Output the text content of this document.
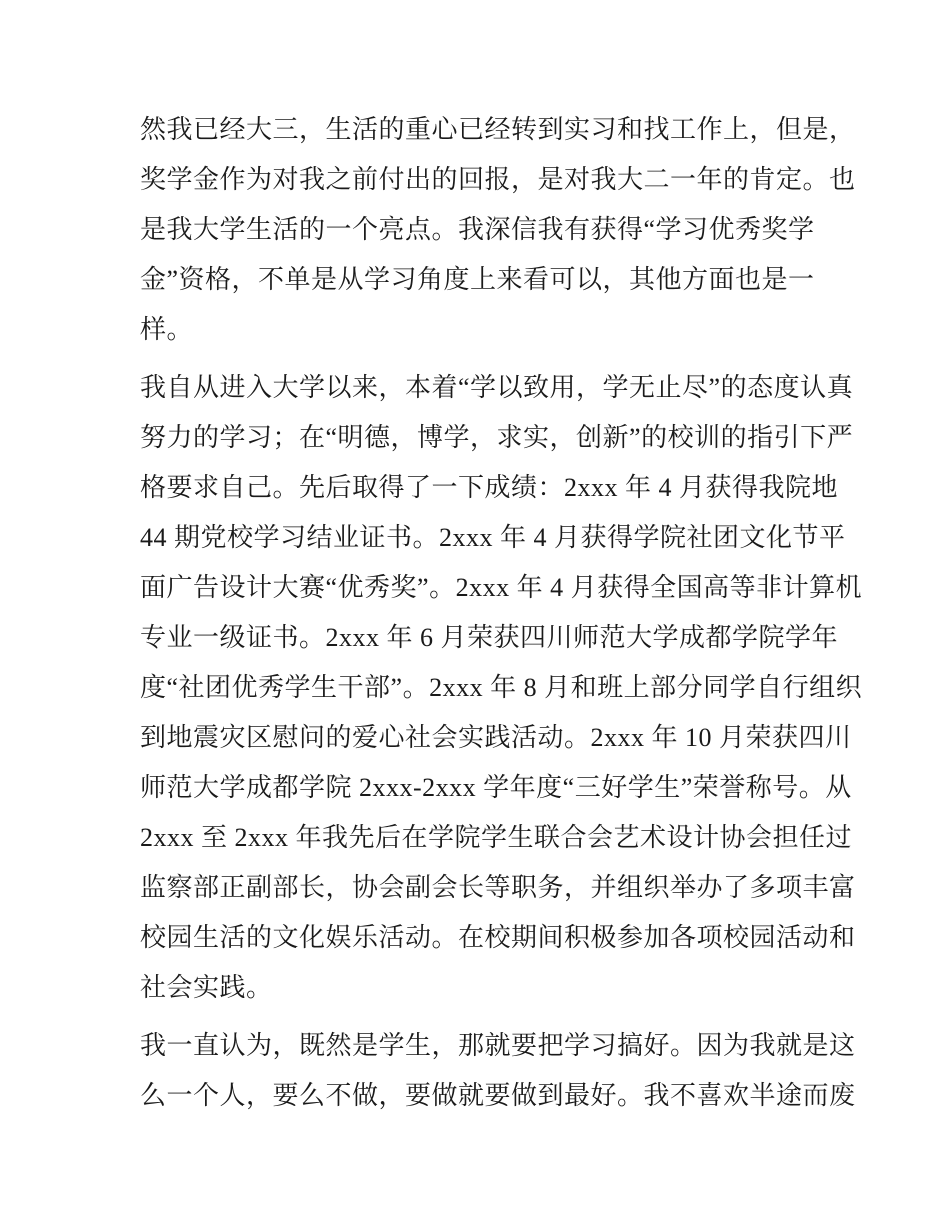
然我已经大三，生活的重心已经转到实习和找工作上，但是，
奖学金作为对我之前付出的回报，是对我大二一年的肯定。也
是我大学生活的一个亮点。我深信我有获得“学习优秀奖学
金”资格，不单是从学习角度上来看可以，其他方面也是一
样。
我自从进入大学以来，本着“学以致用，学无止尽”的态度认真
努力的学习；在“明德，博学，求实，创新”的校训的指引下严
格要求自己。先后取得了一下成绩：2xxx 年 4 月获得我院地
44 期党校学习结业证书。2xxx 年 4 月获得学院社团文化节平
面广告设计大赛“优秀奖”。2xxx 年 4 月获得全国高等非计算机
专业一级证书。2xxx 年 6 月荣获四川师范大学成都学院学年
度“社团优秀学生干部”。2xxx 年 8 月和班上部分同学自行组织
到地震灾区慰问的爱心社会实践活动。2xxx 年 10 月荣获四川
师范大学成都学院 2xxx-2xxx 学年度“三好学生”荣誉称号。从
2xxx 至 2xxx 年我先后在学院学生联合会艺术设计协会担任过
监察部正副部长，协会副会长等职务，并组织举办了多项丰富
校园生活的文化娱乐活动。在校期间积极参加各项校园活动和
社会实践。
我一直认为，既然是学生，那就要把学习搞好。因为我就是这
么一个人，要么不做，要做就要做到最好。我不喜欢半途而废
